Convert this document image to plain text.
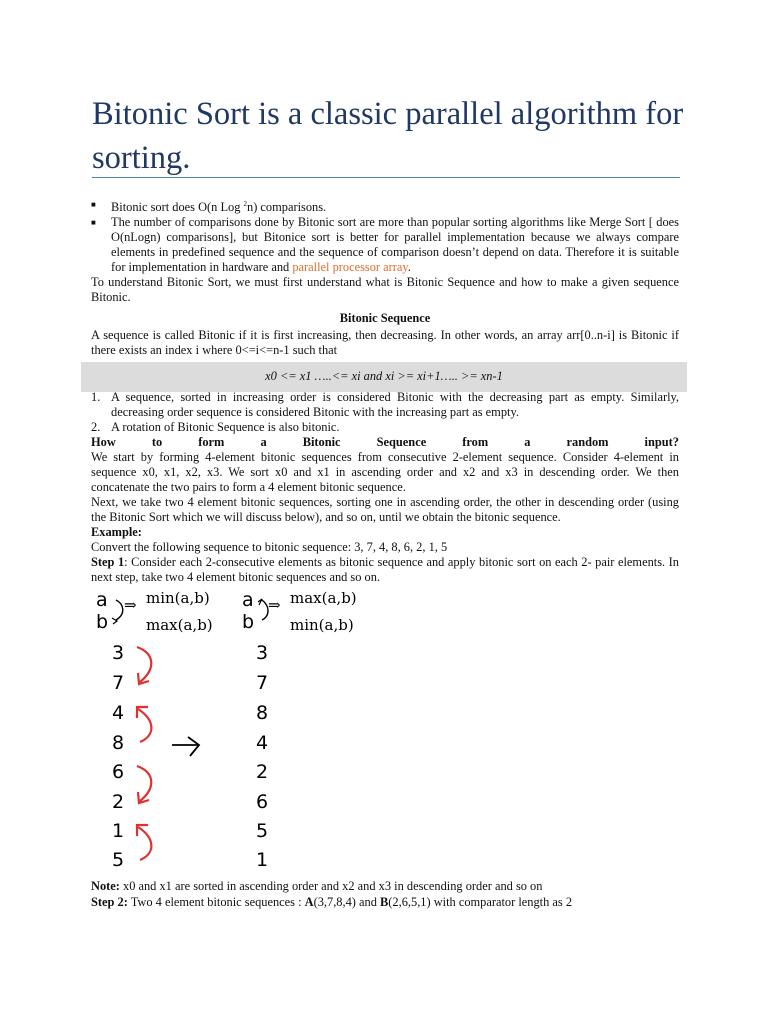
Bitonic Sort is a classic parallel algorithm for sorting.
■ Bitonic sort does O(n Log $^2$n) comparisons.
■ The number of comparisons done by Bitonic sort are more than popular sorting algorithms like Merge Sort [ does O(nLogn) comparisons], but Bitonice sort is better for parallel implementation because we always compare elements in predefined sequence and the sequence of comparison doesn’t depend on data. Therefore it is suitable for implementation in hardware and parallel processor array.

To understand Bitonic Sort, we must first understand what is Bitonic Sequence and how to make a given sequence Bitonic.

Bitonic Sequence

A sequence is called Bitonic if it is first increasing, then decreasing. In other words, an array arr[0..n-i] is Bitonic if there exists an index i where 0<=i<=n-1 such that

x0 <= x1 …..<= xi and xi >= xi+1….. >= xn-1
1. A sequence, sorted in increasing order is considered Bitonic with the decreasing part as empty. Similarly, decreasing order sequence is considered Bitonic with the increasing part as empty.
2. A rotation of Bitonic Sequence is also bitonic.

How to form a Bitonic Sequence from a random input?

We start by forming 4-element bitonic sequences from consecutive 2-element sequence. Consider 4-element in sequence x0, x1, x2, x3. We sort x0 and x1 in ascending order and x2 and x3 in descending order. We then concatenate the two pairs to form a 4 element bitonic sequence.

Next, we take two 4 element bitonic sequences, sorting one in ascending order, the other in descending order (using the Bitonic Sort which we will discuss below), and so on, until we obtain the bitonic sequence.

Example:

Convert the following sequence to bitonic sequence: 3, 7, 4, 8, 6, 2, 1, 5

Step 1: Consider each 2-consecutive elements as bitonic sequence and apply bitonic sort on each 2- pair elements. In next step, take two 4 element bitonic sequences and so on.

a
b
⇒ min(a,b)
max(a,b)
a
b
⇒ max(a,b)
min(a,b)
3
7
4
8
6
2
1
5
3
7
8
4
2
6
5
1

Note: x0 and x1 are sorted in ascending order and x2 and x3 in descending order and so on

Step 2: Two 4 element bitonic sequences : A(3,7,8,4) and B(2,6,5,1) with comparator length as 2
